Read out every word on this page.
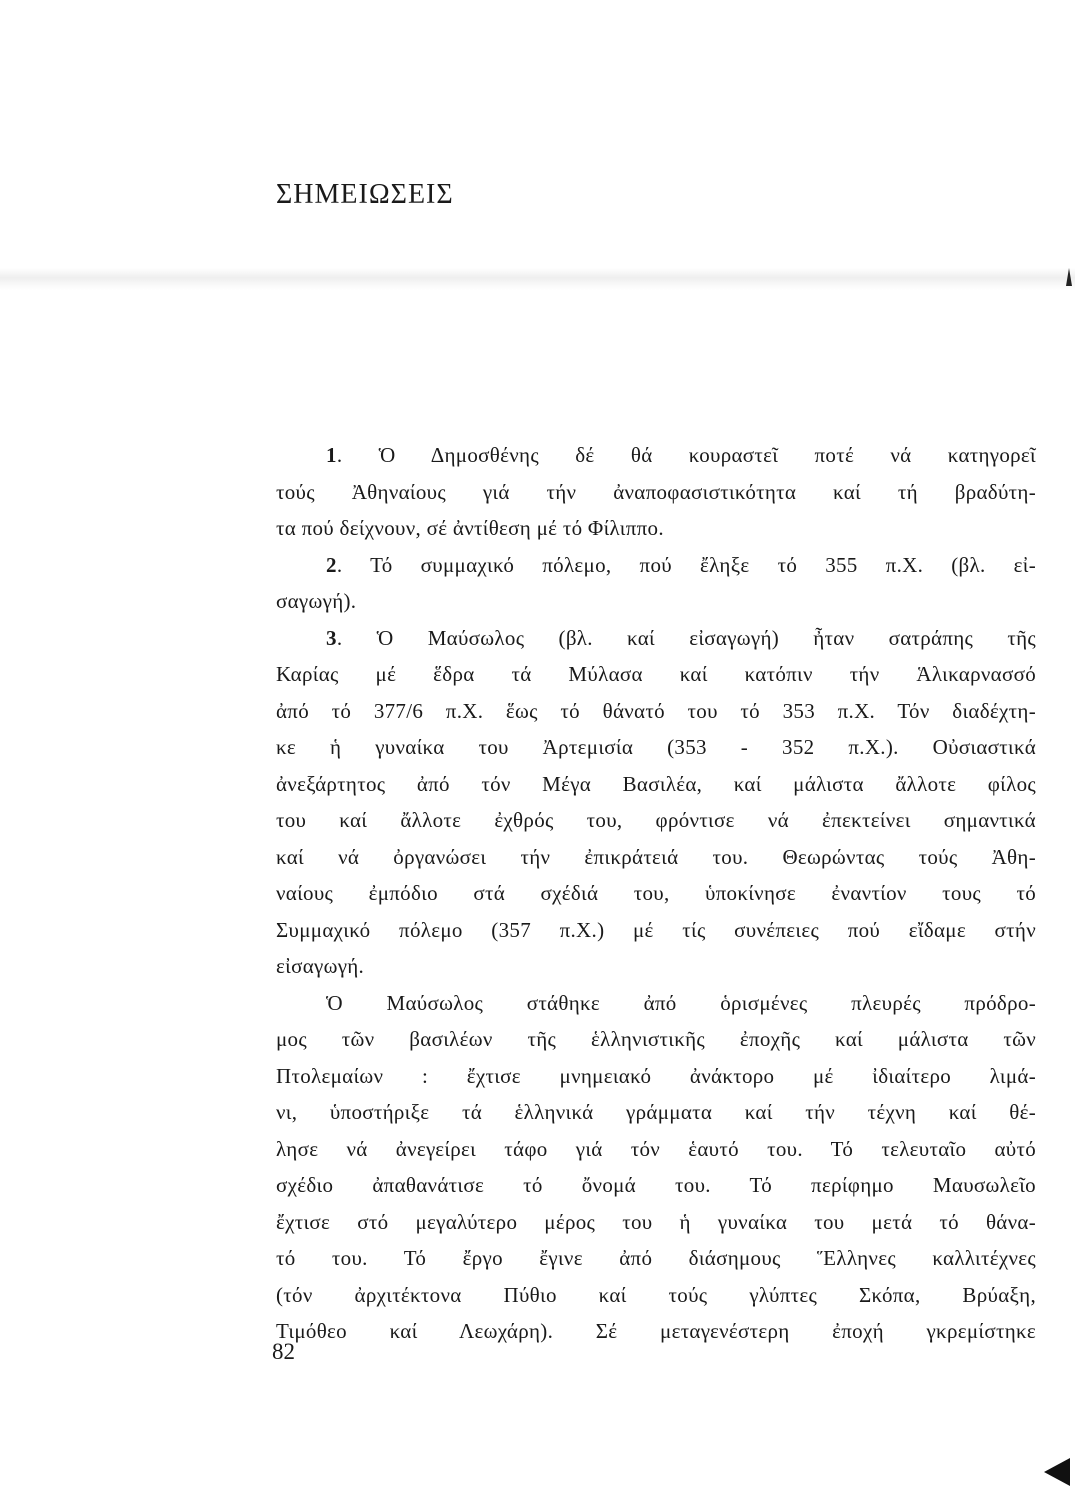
ΣΗΜΕΙΩΣΕΙΣ
1. Ὁ Δημοσθένης δέ θά κουραστεῖ ποτέ νά κατηγορεῖ
τούς Ἀθηναίους γιά τήν ἀναποφασιστικότητα καί τή βραδύτη-
τα πού δείχνουν, σέ ἀντίθεση μέ τό Φίλιππο.
2. Τό συμμαχικό πόλεμο, πού ἔληξε τό 355 π.Χ. (βλ. εἰ-
σαγωγή).
3. Ὁ Μαύσωλος (βλ. καί εἰσαγωγή) ἦταν σατράπης τῆς
Καρίας μέ ἕδρα τά Μύλασα καί κατόπιν τήν Ἁλικαρνασσό
ἀπό τό 377/6 π.Χ. ἕως τό θάνατό του τό 353 π.Χ. Τόν διαδέχτη-
κε ἡ γυναίκα του Ἀρτεμισία (353 - 352 π.Χ.). Οὐσιαστικά
ἀνεξάρτητος ἀπό τόν Μέγα Βασιλέα, καί μάλιστα ἄλλοτε φίλος
του καί ἄλλοτε ἐχθρός του, φρόντισε νά ἐπεκτείνει σημαντικά
καί νά ὀργανώσει τήν ἐπικράτειά του. Θεωρώντας τούς Ἀθη-
ναίους ἐμπόδιο στά σχέδιά του, ὑποκίνησε ἐναντίον τους τό
Συμμαχικό πόλεμο (357 π.Χ.) μέ τίς συνέπειες πού εἴδαμε στήν
εἰσαγωγή.
Ὁ Μαύσωλος στάθηκε ἀπό ὁρισμένες πλευρές πρόδρο-
μος τῶν βασιλέων τῆς ἑλληνιστικῆς ἐποχῆς καί μάλιστα τῶν
Πτολεμαίων : ἔχτισε μνημειακό ἀνάκτορο μέ ἰδιαίτερο λιμά-
νι, ὑποστήριξε τά ἑλληνικά γράμματα καί τήν τέχνη καί θέ-
λησε νά ἀνεγείρει τάφο γιά τόν ἑαυτό του. Τό τελευταῖο αὐτό
σχέδιο ἀπαθανάτισε τό ὄνομά του. Τό περίφημο Μαυσωλεῖο
ἔχτισε στό μεγαλύτερο μέρος του ἡ γυναίκα του μετά τό θάνα-
τό του. Τό ἔργο ἔγινε ἀπό διάσημους Ἕλληνες καλλιτέχνες
(τόν ἀρχιτέκτονα Πύθιο καί τούς γλύπτες Σκόπα, Βρύαξη,
Τιμόθεο καί Λεωχάρη). Σέ μεταγενέστερη ἐποχή γκρεμίστηκε
82
